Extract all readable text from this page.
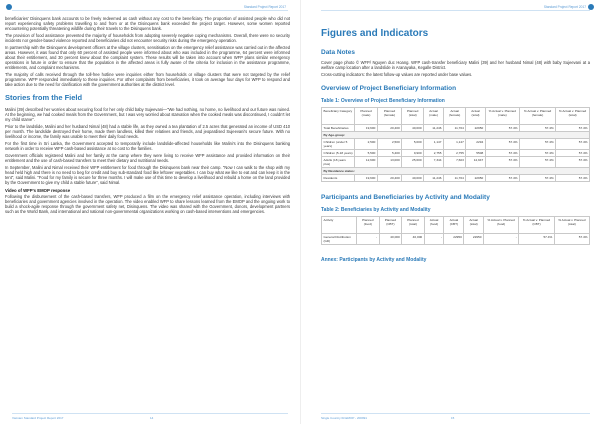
Standard Project Report 2017

beneficiaries' Disinquens bank accounts to be freely redeemed as cash without any cost to the beneficiary. The proportion of assisted people who did not report experiencing safety problems travelling to and from or at the Disinquens bank exceeded the project target. However, some women reported encountering potentially threatening wildlife during their travels to the Disinquens bank.

The provision of food assistance prevented the majority of households from adopting severely negative coping mechanisms. Overall, there were no security incidents nor gender-based violence reported and beneficiaries did not encounter security risks during the emergency operation.

In partnership with the Disinquens development officers at the village clusters, sensitisation on the emergency relief assistance was carried out in the affected areas. However, it was found that only 60 percent of assisted people were informed about who was included in the programme, 64 percent were informed about their entitlement, and 30 percent knew about the complaint system. These results will be taken into account when WFP plans similar emergency operations in future in order to ensure that the population in the affected areas is fully aware of the criteria for inclusion in the assistance programme, entitlements, and complaint mechanisms.

The majority of calls received through the toll-free hotline were inquiries either from households or village clusters that were not targeted by the relief programme. WFP responded immediately to these inquiries. For other complaints from beneficiaries, it took on average four days for WFP to respond and take action due to the need for clarification with the government authorities at the district level.

Stories from the Field

Malini (39) described her worries about securing food for her only child baby Sujeevani—"We had nothing, no home, no livelihood and our future was ruined. At the beginning, we had cooked meals from the Government, but I was very worried about starvation when the cooked meals was discontinued, I couldn't let my child starve".

Prior to the landslide, Malini and her husband Nimal (48) had a stable life, as they owned a tea plantation of 2.5 acres that generated an income of USD 410 per month. The landslide destroyed their home, made them landless, killed their relatives and friends, and jeopardised Sujeevani's secure future. With no livelihood or income, the family was unable to meet their daily food needs.

For the first time in Sri Lanka, the Government accepted to temporarily include landslide-affected households like Malini's into the Disinquens banking network in order to receive WFP cash-based assistance at no cost to the families.

Government officials registered Malini and her family at the camp where they were living to receive WFP assistance and provided information on their entitlement and the use of cash-based transfers to meet their dietary and nutritional needs.

In September, Malini and Nimal received their WFP entitlement for food through the Disinquens bank near their camp. "Now I can walk to the shop with my head held high and there is no need to beg for credit and buy sub-standard food like leftover vegetables. I can buy what we like to eat and can keep it in the tent", said Malini. "Food for my family is secure for three months. I will make use of this time to develop a livelihood and rebuild a home on the land provided by the Government to give my child a stable future", said Nimal.

Video of WFP's EMOP response

Following the disbursement of the cash-based transfers, WFP produced a film on the emergency relief assistance operation, including interviews with beneficiaries and government agencies involved in the operation. The video enabled WFP to share lessons learned from the EMOP and the ongoing work to build a shock-agile response through the government safety net, Disinquens. The video was shared with the Government, donors, development partners such as the World Bank, and international and national non-governmental organizations working on cash-based interventions and emergencies.

Vietnam Standard Project Report 2017	14
Standard Project Report 2017
Figures and Indicators
Data Notes

Cover page photo © WFP/ Nguyen duc Hoang. WFP cash-transfer beneficiary Malini (39) and her husband Nimal (48) with baby Sujeevani at a welfare camp location after a landslide in Aranayaka, Kegalle District.

Cross-cutting indicators: the latest follow-up values are reported under base values.

Overview of Project Beneficiary Information
Table 1: Overview of Project Beneficiary Information
Beneficiary Category	Planned (male)	Planned (female)	Planned (total)	Actual (male)	Actual (female)	Actual (total)	% Actual v. Planned (male)	% Actual v. Planned (female)	% Actual v. Planned (total)
Total Beneficiaries	19,600	20,400	40,000	11,246	11,704	22950	57.4%	57.4%	57.4%
By Age-group:									
Children (under 5 years)	2,500	2,500	5,000	1,147	1,147	2294	57.4%	57.4%	57.4%
Children (5-18 years)	5,500	5,400	9,900	2,755	2,755	5508	57.4%	57.4%	57.4%
Adults (18 years plus)	12,600	13,000	25,600	7,344	7,603	14,947	57.4%	57.4%	57.4%
By Residence status:									
Residents	19,600	20,400	40,000	11,246	11,704	22950	57.4%	57.4%	57.4%
Participants and Beneficiaries by Activity and Modality
Table 2: Beneficiaries by Activity and Modality
Activity	Planned (food)	Planned (CBT)	Planned (total)	Actual (food)	Actual (CBT)	Actual (total)	% Actual v. Planned (food)	% Actual v. Planned (CBT)	% Actual v. Planned (total)
General Distribution (GD)	-	40,000	40,000	-	22950	22950	-	57.4%	57.4%
Annex: Participants by Activity and Modality
Single Country IR-EMOP - 200991	15
